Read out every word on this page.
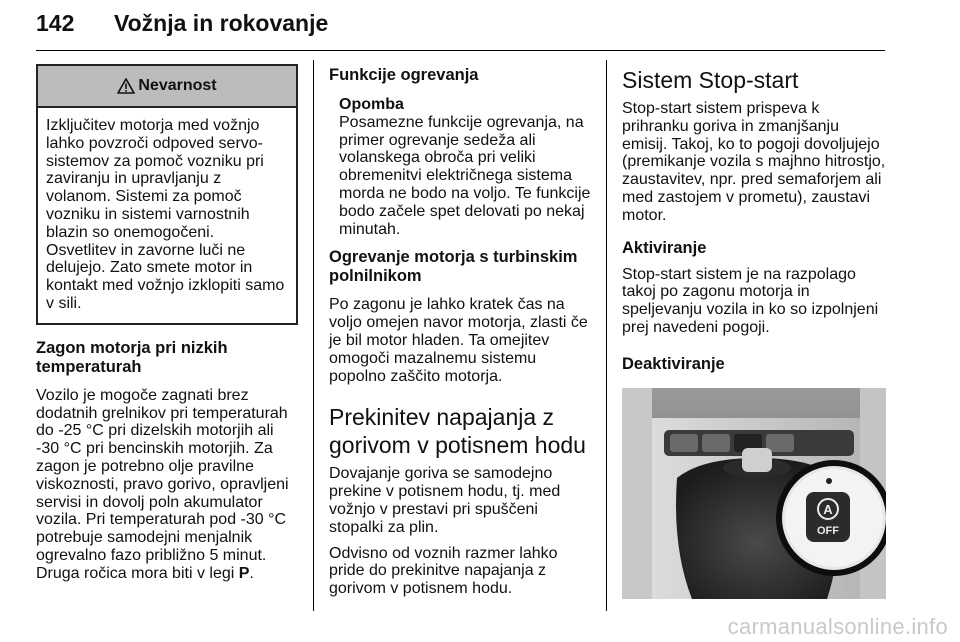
142 Vožnja in rokovanje
Nevarnost
Izključitev motorja med vožnjo lahko povzroči odpoved servo-sistemov za pomoč vozniku pri zaviranju in upravljanju z volanom. Sistemi za pomoč vozniku in sistemi varnostnih blazin so onemogočeni. Osvetlitev in zavorne luči ne delujejo. Zato smete motor in kontakt med vožnjo izklopiti samo v sili.
Zagon motorja pri nizkih temperaturah

Vozilo je mogoče zagnati brez dodatnih grelnikov pri temperaturah do -25 °C pri dizelskih motorjih ali -30 °C pri bencinskih motorjih. Za zagon je potrebno olje pravilne viskoznosti, pravo gorivo, opravljeni servisi in dovolj poln akumulator vozila. Pri temperaturah pod -30 °C potrebuje samodejni menjalnik ogrevalno fazo približno 5 minut. Druga ročica mora biti v legi P.

Funkcije ogrevanja
Opomba
Posamezne funkcije ogrevanja, na primer ogrevanje sedeža ali volanskega obroča pri veliki obremenitvi električnega sistema morda ne bodo na voljo. Te funkcije bodo začele spet delovati po nekaj minutah.
Ogrevanje motorja s turbinskim polnilnikom

Po zagonu je lahko kratek čas na voljo omejen navor motorja, zlasti če je bil motor hladen. Ta omejitev omogoči mazalnemu sistemu popolno zaščito motorja.

Prekinitev napajanja z gorivom v potisnem hodu

Dovajanje goriva se samodejno prekine v potisnem hodu, tj. med vožnjo v prestavi pri spuščeni stopalki za plin.

Odvisno od voznih razmer lahko pride do prekinitve napajanja z gorivom v potisnem hodu.

Sistem Stop-start

Stop-start sistem prispeva k prihranku goriva in zmanjšanju emisij. Takoj, ko to pogoji dovoljujejo (premikanje vozila s majhno hitrostjo, zaustavitev, npr. pred semaforjem ali med zastojem v prometu), zaustavi motor.

Aktiviranje

Stop-start sistem je na razpolago takoj po zagonu motorja in speljevanju vozila in ko so izpolnjeni prej navedeni pogoji.

Deaktiviranje
A
OFF
carmanualsonline.info
